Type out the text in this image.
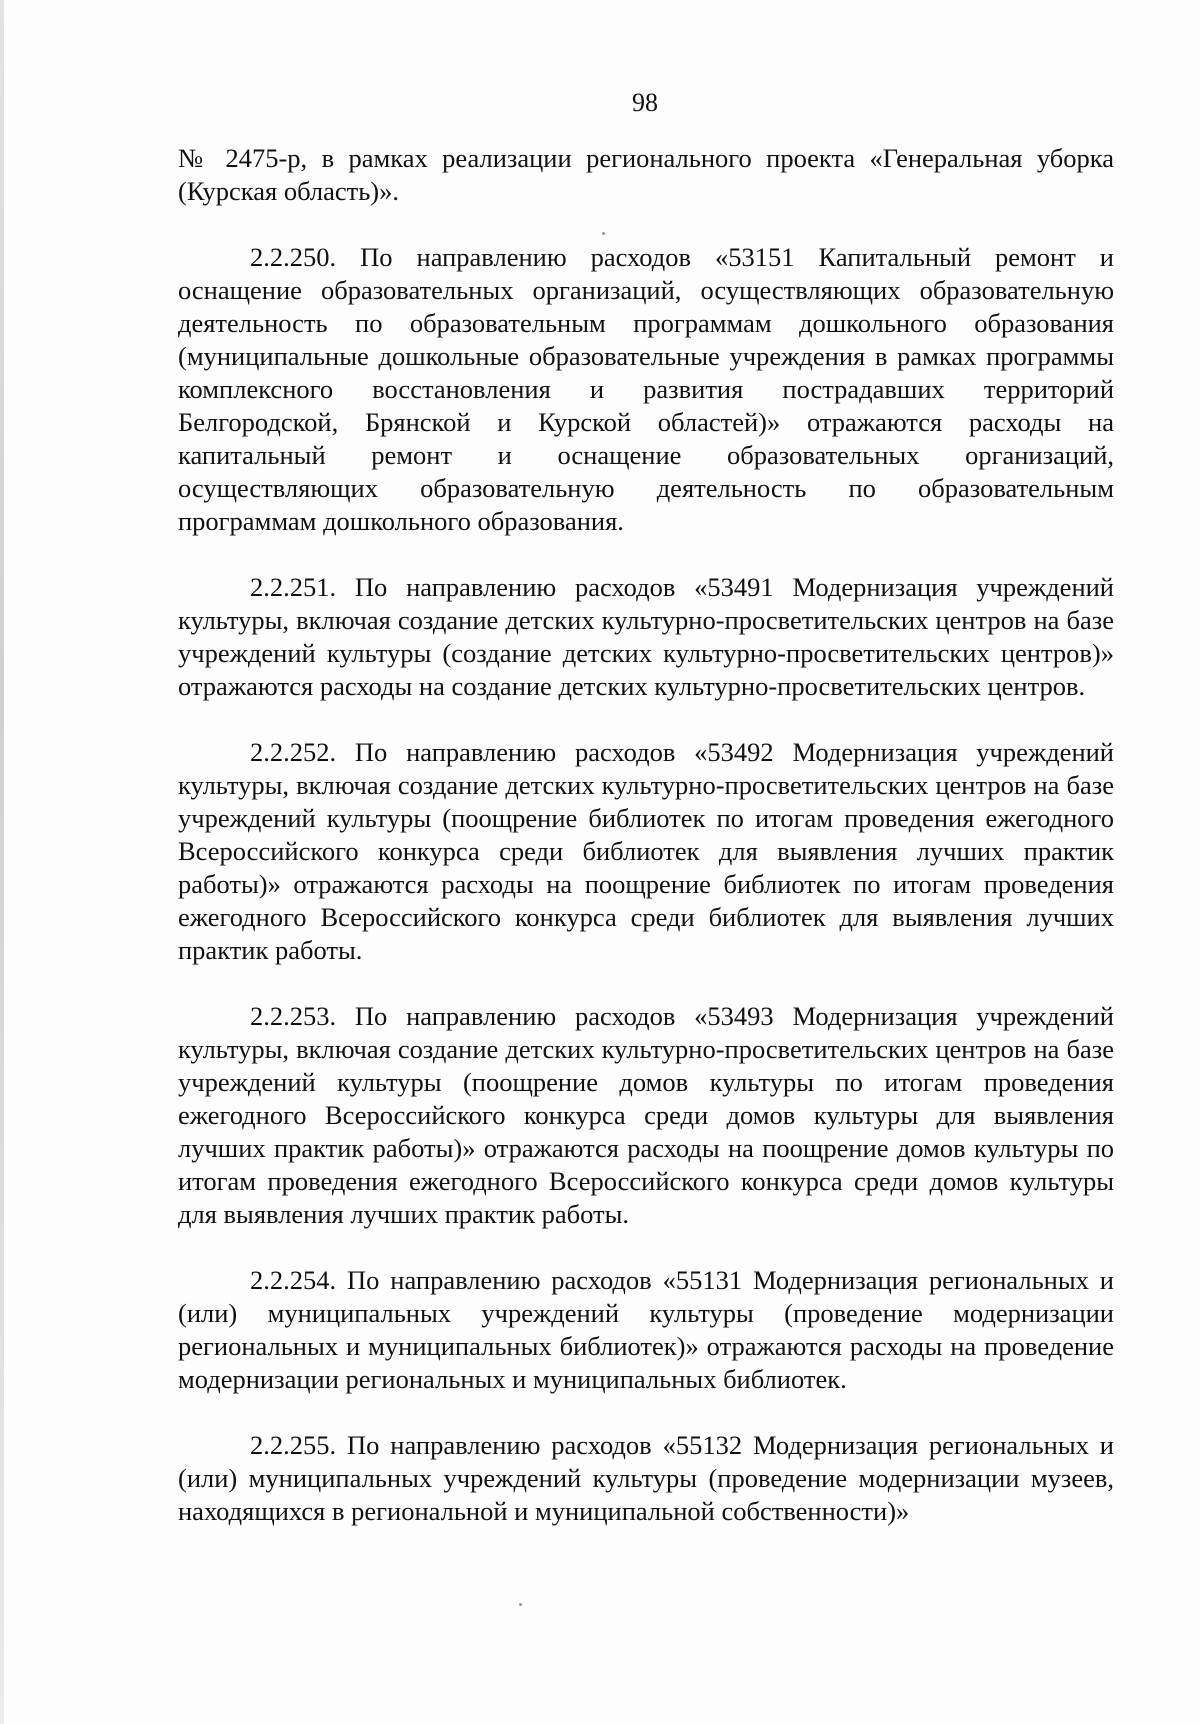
98

№ 2475-р, в рамках реализации регионального проекта «Генеральная уборка (Курская область)».

2.2.250. По направлению расходов «53151 Капитальный ремонт и оснащение образовательных организаций, осуществляющих образовательную деятельность по образовательным программам дошкольного образования (муниципальные дошкольные образовательные учреждения в рамках программы комплексного восстановления и развития пострадавших территорий Белгородской, Брянской и Курской областей)» отражаются расходы на капитальный ремонт и оснащение образовательных организаций, осуществляющих образовательную деятельность по образовательным программам дошкольного образования.

2.2.251. По направлению расходов «53491 Модернизация учреждений культуры, включая создание детских культурно-просветительских центров на базе учреждений культуры (создание детских культурно-просветительских центров)» отражаются расходы на создание детских культурно-просветительских центров.

2.2.252. По направлению расходов «53492 Модернизация учреждений культуры, включая создание детских культурно-просветительских центров на базе учреждений культуры (поощрение библиотек по итогам проведения ежегодного Всероссийского конкурса среди библиотек для выявления лучших практик работы)» отражаются расходы на поощрение библиотек по итогам проведения ежегодного Всероссийского конкурса среди библиотек для выявления лучших практик работы.

2.2.253. По направлению расходов «53493 Модернизация учреждений культуры, включая создание детских культурно-просветительских центров на базе учреждений культуры (поощрение домов культуры по итогам проведения ежегодного Всероссийского конкурса среди домов культуры для выявления лучших практик работы)» отражаются расходы на поощрение домов культуры по итогам проведения ежегодного Всероссийского конкурса среди домов культуры для выявления лучших практик работы.

2.2.254. По направлению расходов «55131 Модернизация региональных и (или) муниципальных учреждений культуры (проведение модернизации региональных и муниципальных библиотек)» отражаются расходы на проведение модернизации региональных и муниципальных библиотек.

2.2.255. По направлению расходов «55132 Модернизация региональных и (или) муниципальных учреждений культуры (проведение модернизации музеев, находящихся в региональной и муниципальной собственности)»
